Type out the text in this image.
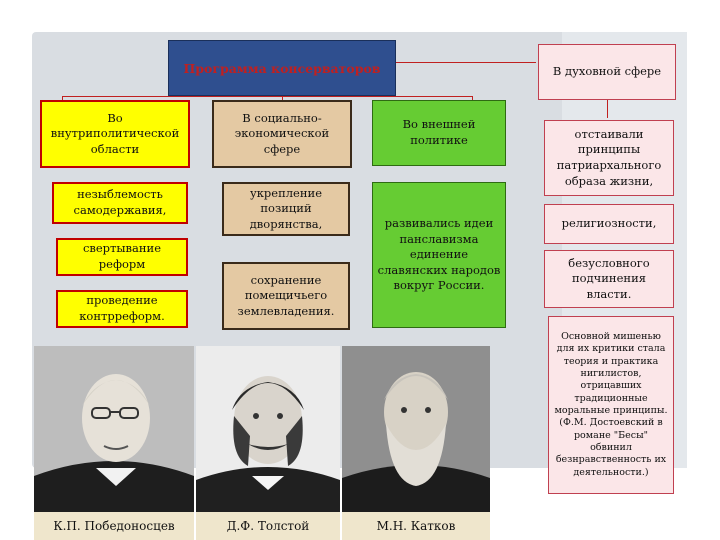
Программа консерваторов
Во внутриполитической области
незыблемость самодержавия,
свертывание реформ
проведение контрреформ.
В социально-экономической сфере
укрепление позиций дворянства,
сохранение помещичьего землевладения.
Во внешней политике
развивались идеи панславизма единение славянских народов вокруг России.
В духовной сфере
отстаивали принципы патриархального образа жизни,
религиозности,
безусловного подчинения власти.
Основной мишенью для их критики стала теория и практика нигилистов, отрицавших традиционные моральные принципы. (Ф.М. Достоевский в романе "Бесы" обвинил безнравственность их деятельности.)
К.П. Победоносцев	Д.Ф. Толстой	М.Н. Катков
